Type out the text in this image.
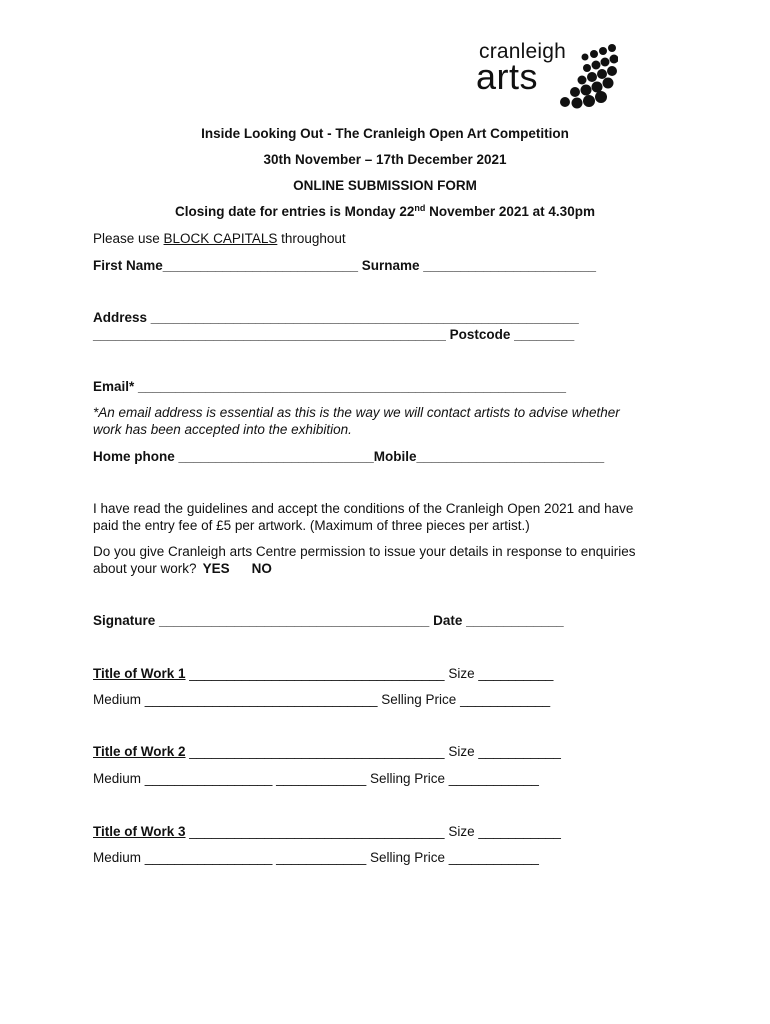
cranleigh
arts
Inside Looking Out - The Cranleigh Open Art Competition
30th November – 17th December 2021
ONLINE SUBMISSION FORM
Closing date for entries is Monday 22nd November 2021 at 4.30pm
Please use BLOCK CAPITALS throughout
First Name__________________________ Surname _______________________
Address _________________________________________________________
_______________________________________________ Postcode ________
Email* _________________________________________________________
*An email address is essential as this is the way we will contact artists to advise whether
work has been accepted into the exhibition.
Home phone __________________________Mobile_________________________
I have read the guidelines and accept the conditions of the Cranleigh Open 2021 and have
paid the entry fee of £5 per artwork. (Maximum of three pieces per artist.)
Do you give Cranleigh arts Centre permission to issue your details in response to enquiries
about your work? YES NO
Signature ____________________________________ Date _____________
Title of Work 1 __________________________________ Size __________
Medium _______________________________ Selling Price ____________
Title of Work 2 __________________________________ Size ___________
Medium _________________ ____________ Selling Price ____________
Title of Work 3 __________________________________ Size ___________
Medium _________________ ____________ Selling Price ____________
